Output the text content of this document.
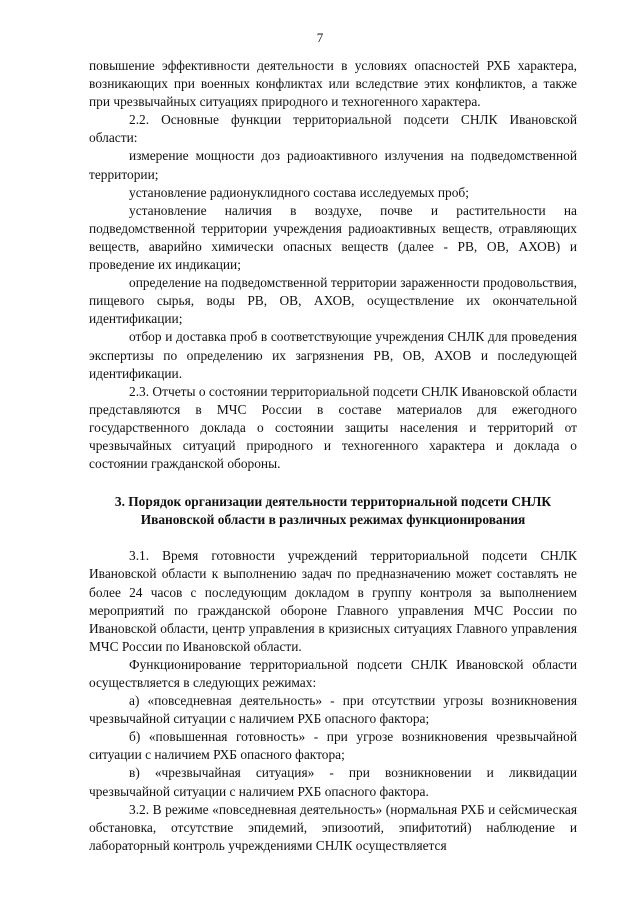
7

повышение эффективности деятельности в условиях опасностей РХБ характера, возникающих при военных конфликтах или вследствие этих конфликтов, а также при чрезвычайных ситуациях природного и техногенного характера.

2.2. Основные функции территориальной подсети СНЛК Ивановской области:

измерение мощности доз радиоактивного излучения на подведомственной территории;

установление радионуклидного состава исследуемых проб;

установление наличия в воздухе, почве и растительности на подведомственной территории учреждения радиоактивных веществ, отравляющих веществ, аварийно химически опасных веществ (далее - РВ, ОВ, АХОВ) и проведение их индикации;

определение на подведомственной территории зараженности продовольствия, пищевого сырья, воды РВ, ОВ, АХОВ, осуществление их окончательной идентификации;

отбор и доставка проб в соответствующие учреждения СНЛК для проведения экспертизы по определению их загрязнения РВ, ОВ, АХОВ и последующей идентификации.

2.3. Отчеты о состоянии территориальной подсети СНЛК Ивановской области представляются в МЧС России в составе материалов для ежегодного государственного доклада о состоянии защиты населения и территорий от чрезвычайных ситуаций природного и техногенного характера и доклада о состоянии гражданской обороны.

3. Порядок организации деятельности территориальной подсети СНЛК Ивановской области в различных режимах функционирования

3.1. Время готовности учреждений территориальной подсети СНЛК Ивановской области к выполнению задач по предназначению может составлять не более 24 часов с последующим докладом в группу контроля за выполнением мероприятий по гражданской обороне Главного управления МЧС России по Ивановской области, центр управления в кризисных ситуациях Главного управления МЧС России по Ивановской области.

Функционирование территориальной подсети СНЛК Ивановской области осуществляется в следующих режимах:

а) «повседневная деятельность» - при отсутствии угрозы возникновения чрезвычайной ситуации с наличием РХБ опасного фактора;

б) «повышенная готовность» - при угрозе возникновения чрезвычайной ситуации с наличием РХБ опасного фактора;

в) «чрезвычайная ситуация» - при возникновении и ликвидации чрезвычайной ситуации с наличием РХБ опасного фактора.

3.2. В режиме «повседневная деятельность» (нормальная РХБ и сейсмическая обстановка, отсутствие эпидемий, эпизоотий, эпифитотий) наблюдение и лабораторный контроль учреждениями СНЛК осуществляется
